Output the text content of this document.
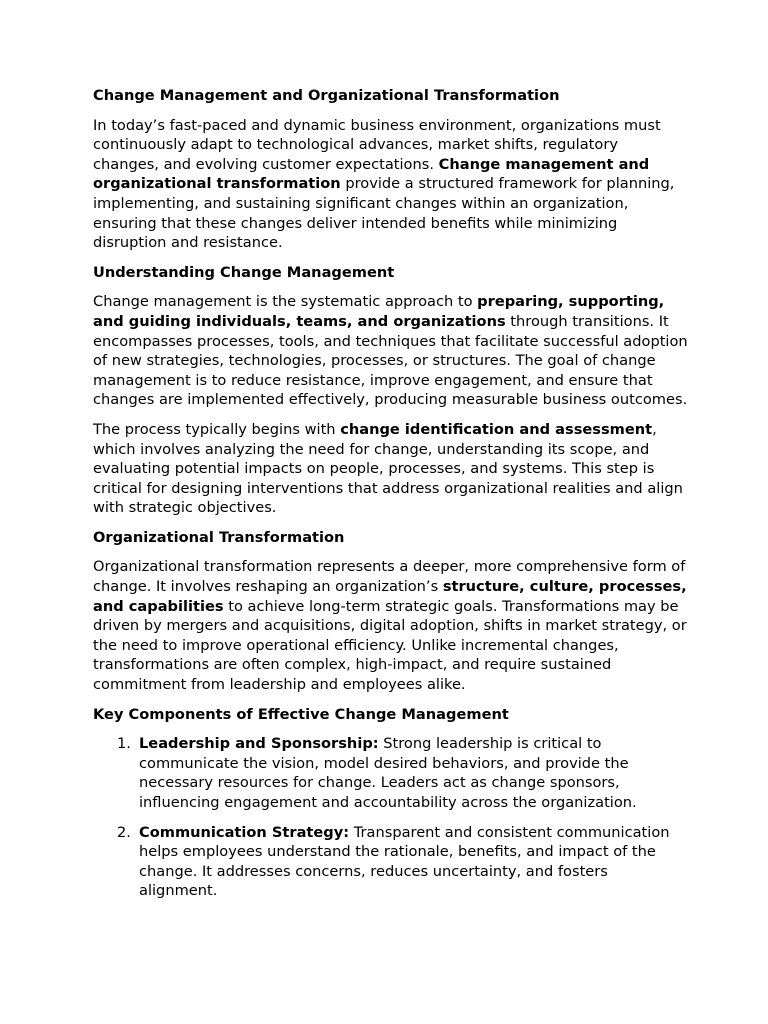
Change Management and Organizational Transformation

In today’s fast-paced and dynamic business environment, organizations must continuously adapt to technological advances, market shifts, regulatory changes, and evolving customer expectations. Change management and organizational transformation provide a structured framework for planning, implementing, and sustaining significant changes within an organization, ensuring that these changes deliver intended benefits while minimizing disruption and resistance.

Understanding Change Management

Change management is the systematic approach to preparing, supporting, and guiding individuals, teams, and organizations through transitions. It encompasses processes, tools, and techniques that facilitate successful adoption of new strategies, technologies, processes, or structures. The goal of change management is to reduce resistance, improve engagement, and ensure that changes are implemented effectively, producing measurable business outcomes.

The process typically begins with change identification and assessment, which involves analyzing the need for change, understanding its scope, and evaluating potential impacts on people, processes, and systems. This step is critical for designing interventions that address organizational realities and align with strategic objectives.

Organizational Transformation

Organizational transformation represents a deeper, more comprehensive form of change. It involves reshaping an organization’s structure, culture, processes, and capabilities to achieve long-term strategic goals. Transformations may be driven by mergers and acquisitions, digital adoption, shifts in market strategy, or the need to improve operational efficiency. Unlike incremental changes, transformations are often complex, high-impact, and require sustained commitment from leadership and employees alike.

Key Components of Effective Change Management
1. Leadership and Sponsorship: Strong leadership is critical to communicate the vision, model desired behaviors, and provide the necessary resources for change. Leaders act as change sponsors, influencing engagement and accountability across the organization.
2. Communication Strategy: Transparent and consistent communication helps employees understand the rationale, benefits, and impact of the change. It addresses concerns, reduces uncertainty, and fosters alignment.
